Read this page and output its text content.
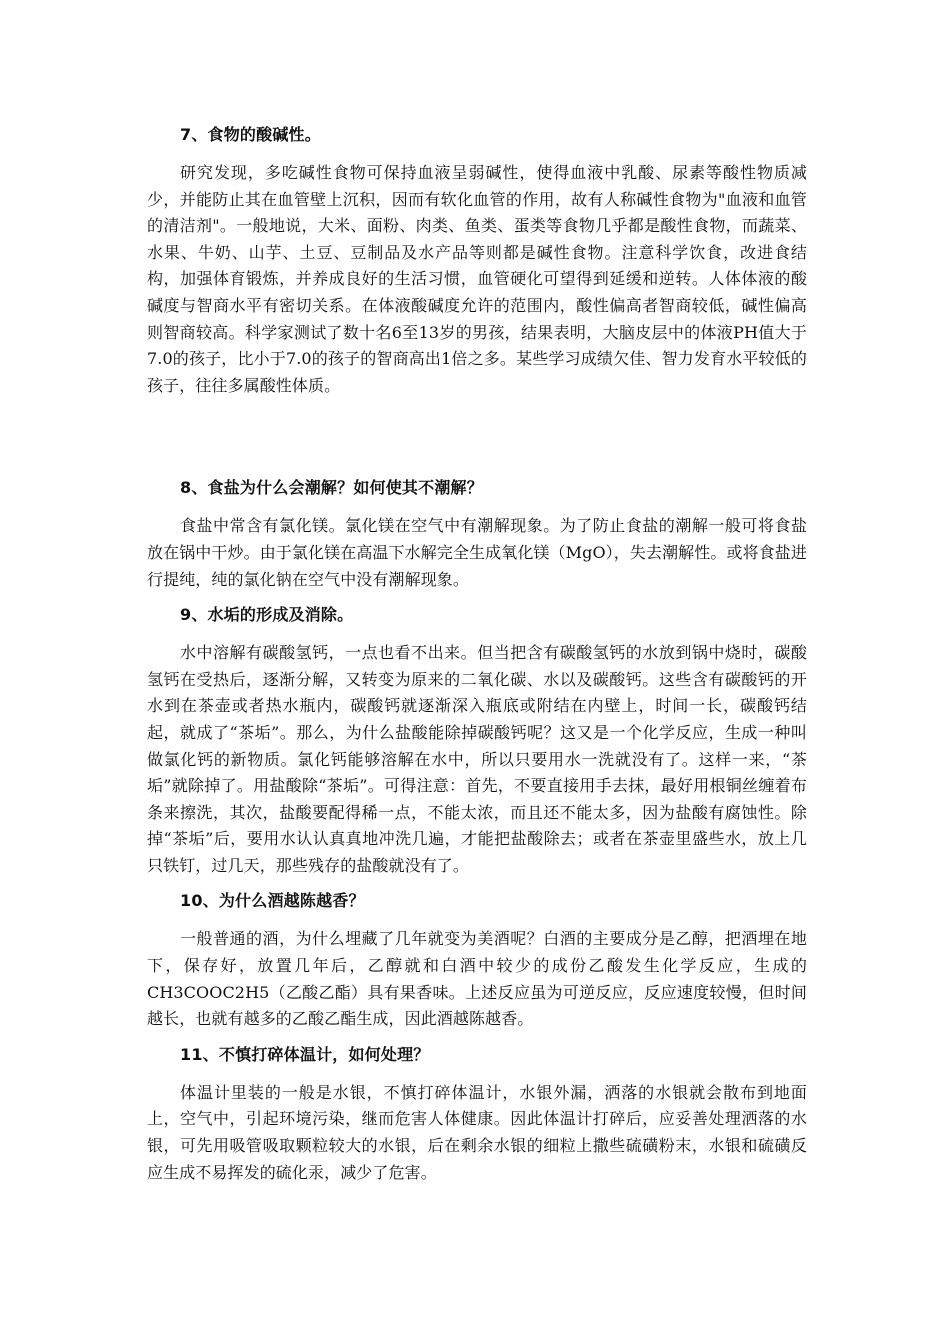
7、食物的酸碱性。

研究发现，多吃碱性食物可保持血液呈弱碱性，使得血液中乳酸、尿素等酸性物质减少，并能防止其在血管壁上沉积，因而有软化血管的作用，故有人称碱性食物为"血液和血管的清洁剂"。一般地说，大米、面粉、肉类、鱼类、蛋类等食物几乎都是酸性食物，而蔬菜、水果、牛奶、山芋、土豆、豆制品及水产品等则都是碱性食物。注意科学饮食，改进食结构，加强体育锻炼，并养成良好的生活习惯，血管硬化可望得到延缓和逆转。人体体液的酸碱度与智商水平有密切关系。在体液酸碱度允许的范围内，酸性偏高者智商较低，碱性偏高则智商较高。科学家测试了数十名6至13岁的男孩，结果表明，大脑皮层中的体液PH值大于7.0的孩子，比小于7.0的孩子的智商高出1倍之多。某些学习成绩欠佳、智力发育水平较低的孩子，往往多属酸性体质。

8、食盐为什么会潮解？如何使其不潮解？

食盐中常含有氯化镁。氯化镁在空气中有潮解现象。为了防止食盐的潮解一般可将食盐放在锅中干炒。由于氯化镁在高温下水解完全生成氧化镁（MgO），失去潮解性。或将食盐进行提纯，纯的氯化钠在空气中没有潮解现象。

9、水垢的形成及消除。

水中溶解有碳酸氢钙，一点也看不出来。但当把含有碳酸氢钙的水放到锅中烧时，碳酸氢钙在受热后，逐渐分解，又转变为原来的二氧化碳、水以及碳酸钙。这些含有碳酸钙的开水到在茶壶或者热水瓶内，碳酸钙就逐渐深入瓶底或附结在内壁上，时间一长，碳酸钙结起，就成了“茶垢”。那么，为什么盐酸能除掉碳酸钙呢？这又是一个化学反应，生成一种叫做氯化钙的新物质。氯化钙能够溶解在水中，所以只要用水一洗就没有了。这样一来，“茶垢”就除掉了。用盐酸除“茶垢”。可得注意：首先，不要直接用手去抹，最好用根铜丝缠着布条来擦洗，其次，盐酸要配得稀一点，不能太浓，而且还不能太多，因为盐酸有腐蚀性。除掉“茶垢”后，要用水认认真真地冲洗几遍，才能把盐酸除去；或者在茶壶里盛些水，放上几只铁钉，过几天，那些残存的盐酸就没有了。

10、为什么酒越陈越香？

一般普通的酒，为什么埋藏了几年就变为美酒呢？白酒的主要成分是乙醇，把酒埋在地下，保存好，放置几年后，乙醇就和白酒中较少的成份乙酸发生化学反应，生成的CH3COOC2H5（乙酸乙酯）具有果香味。上述反应虽为可逆反应，反应速度较慢，但时间越长，也就有越多的乙酸乙酯生成，因此酒越陈越香。

11、不慎打碎体温计，如何处理？

体温计里装的一般是水银，不慎打碎体温计，水银外漏，洒落的水银就会散布到地面上，空气中，引起环境污染，继而危害人体健康。因此体温计打碎后，应妥善处理洒落的水银，可先用吸管吸取颗粒较大的水银，后在剩余水银的细粒上撒些硫磺粉末，水银和硫磺反应生成不易挥发的硫化汞，减少了危害。
